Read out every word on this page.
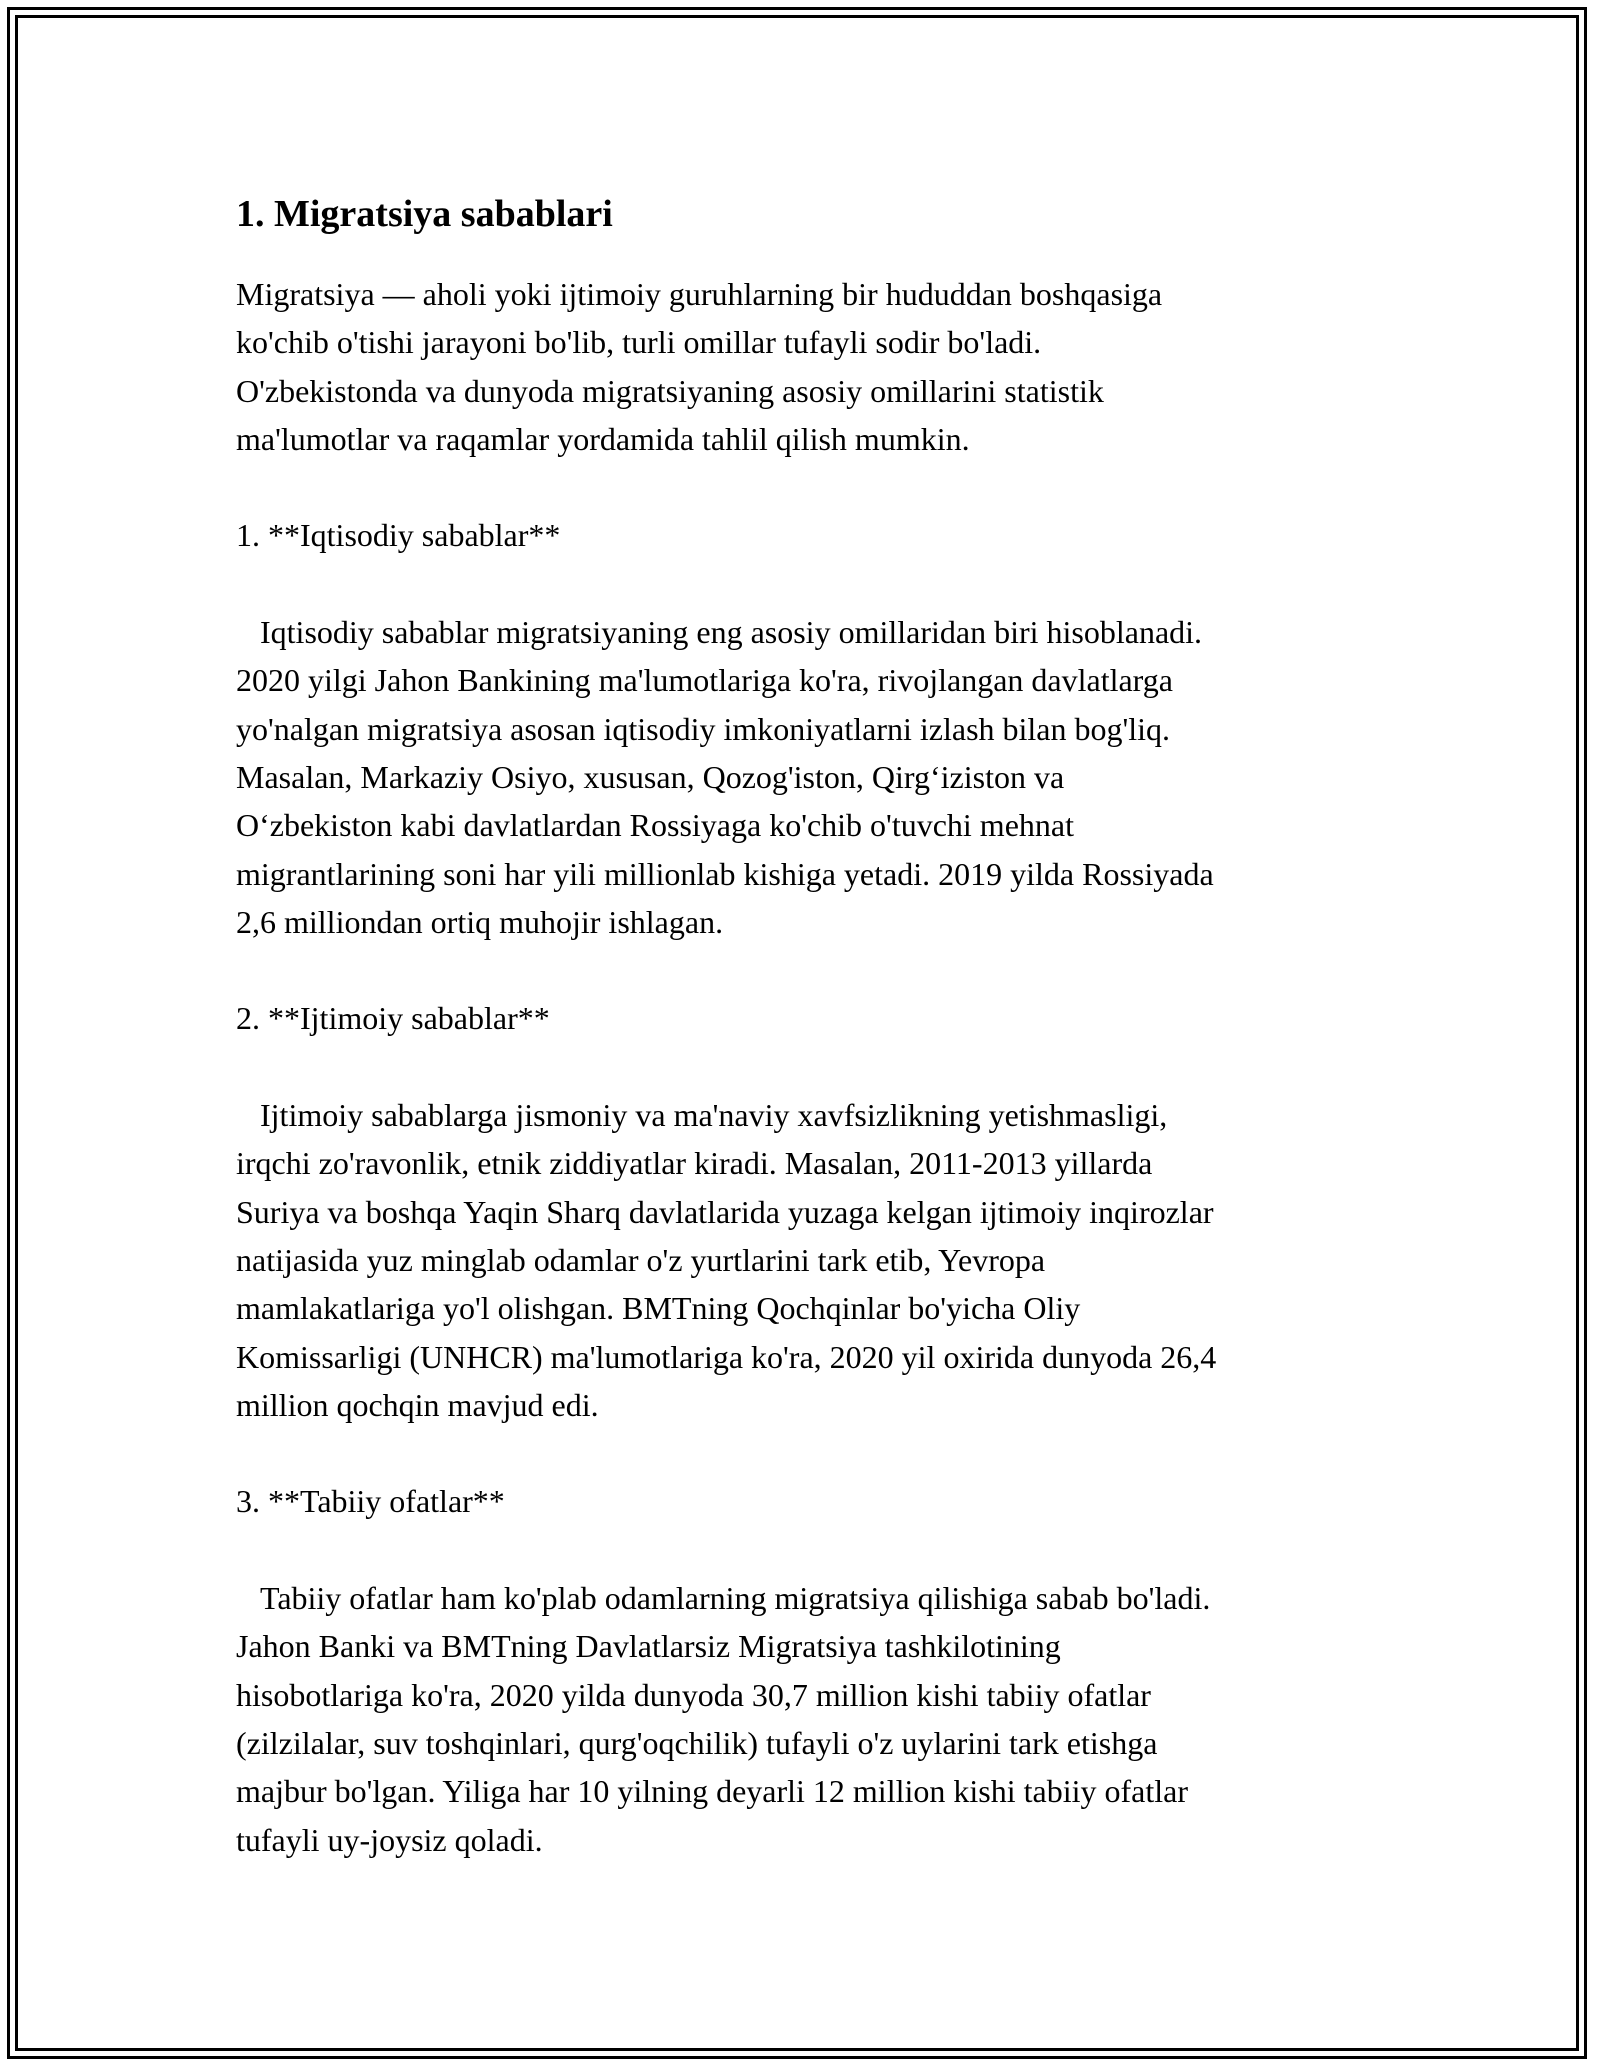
1. Migratsiya sabablari

Migratsiya — aholi yoki ijtimoiy guruhlarning bir hududdan boshqasiga
ko'chib o'tishi jarayoni bo'lib, turli omillar tufayli sodir bo'ladi.
O'zbekistonda va dunyoda migratsiyaning asosiy omillarini statistik
ma'lumotlar va raqamlar yordamida tahlil qilish mumkin.

1. **Iqtisodiy sabablar**

Iqtisodiy sabablar migratsiyaning eng asosiy omillaridan biri hisoblanadi.
2020 yilgi Jahon Bankining ma'lumotlariga ko'ra, rivojlangan davlatlarga
yo'nalgan migratsiya asosan iqtisodiy imkoniyatlarni izlash bilan bog'liq.
Masalan, Markaziy Osiyo, xususan, Qozog'iston, Qirg‘iziston va
O‘zbekiston kabi davlatlardan Rossiyaga ko'chib o'tuvchi mehnat
migrantlarining soni har yili millionlab kishiga yetadi. 2019 yilda Rossiyada
2,6 milliondan ortiq muhojir ishlagan.

2. **Ijtimoiy sabablar**

Ijtimoiy sabablarga jismoniy va ma'naviy xavfsizlikning yetishmasligi,
irqchi zo'ravonlik, etnik ziddiyatlar kiradi. Masalan, 2011-2013 yillarda
Suriya va boshqa Yaqin Sharq davlatlarida yuzaga kelgan ijtimoiy inqirozlar
natijasida yuz minglab odamlar o'z yurtlarini tark etib, Yevropa
mamlakatlariga yo'l olishgan. BMTning Qochqinlar bo'yicha Oliy
Komissarligi (UNHCR) ma'lumotlariga ko'ra, 2020 yil oxirida dunyoda 26,4
million qochqin mavjud edi.

3. **Tabiiy ofatlar**

Tabiiy ofatlar ham ko'plab odamlarning migratsiya qilishiga sabab bo'ladi.
Jahon Banki va BMTning Davlatlarsiz Migratsiya tashkilotining
hisobotlariga ko'ra, 2020 yilda dunyoda 30,7 million kishi tabiiy ofatlar
(zilzilalar, suv toshqinlari, qurg'oqchilik) tufayli o'z uylarini tark etishga
majbur bo'lgan. Yiliga har 10 yilning deyarli 12 million kishi tabiiy ofatlar
tufayli uy-joysiz qoladi.
